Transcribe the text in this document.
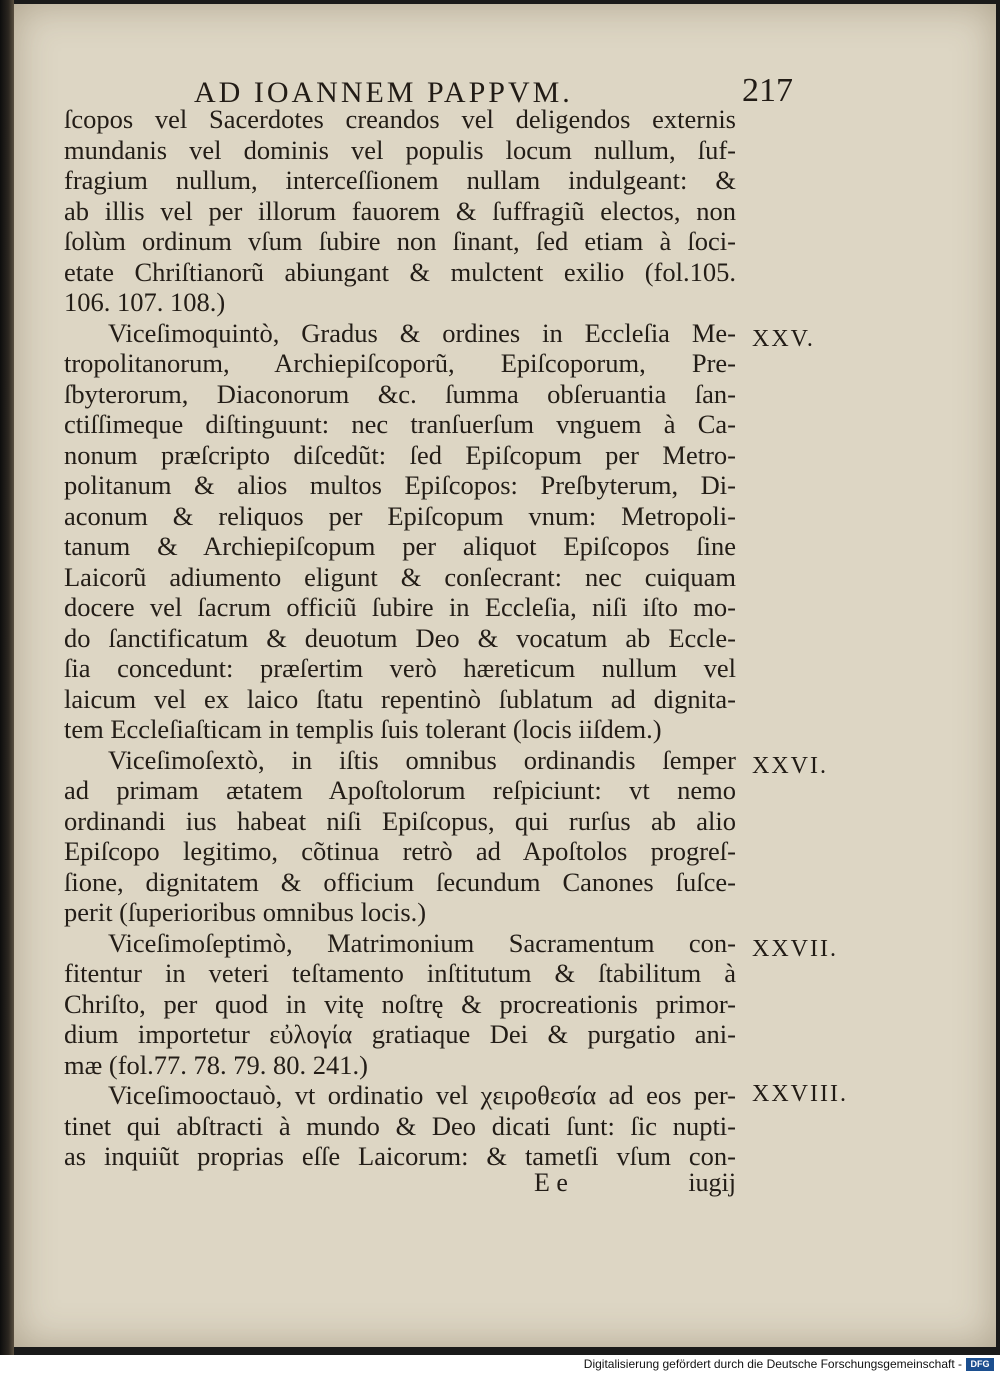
AD IOANNEM PAPPVM.	217
ſcopos vel Sacerdotes creandos vel deligendos externis
mundanis vel dominis vel populis locum nullum, ſuf-
fragium nullum, interceſſionem nullam indulgeant: &
ab illis vel per illorum fauorem & ſuffragiũ electos, non
ſolùm ordinum vſum ſubire non ſinant, ſed etiam à ſoci-
etate Chriſtianorũ abiungant & mulctent exilio (fol.105.
106. 107. 108.)
Viceſimoquintò, Gradus & ordines in Eccleſia Me-
tropolitanorum, Archiepiſcoporũ, Epiſcoporum, Pre-
ſbyterorum, Diaconorum &c. ſumma obſeruantia ſan-
ctiſſimeque diſtinguunt: nec tranſuerſum vnguem à Ca-
nonum præſcripto diſcedũt: ſed Epiſcopum per Metro-
politanum & alios multos Epiſcopos: Preſbyterum, Di-
aconum & reliquos per Epiſcopum vnum: Metropoli-
tanum & Archiepiſcopum per aliquot Epiſcopos ſine
Laicorũ adiumento eligunt & conſecrant: nec cuiquam
docere vel ſacrum officiũ ſubire in Eccleſia, niſi iſto mo-
do ſanctificatum & deuotum Deo & vocatum ab Eccle-
ſia concedunt: præſertim verò hæreticum nullum vel
laicum vel ex laico ſtatu repentinò ſublatum ad dignita-
tem Eccleſiaſticam in templis ſuis tolerant (locis iiſdem.)
Viceſimoſextò, in iſtis omnibus ordinandis ſemper
ad primam ætatem Apoſtolorum reſpiciunt: vt nemo
ordinandi ius habeat niſi Epiſcopus, qui rurſus ab alio
Epiſcopo legitimo, cõtinua retrò ad Apoſtolos progreſ-
ſione, dignitatem & officium ſecundum Canones ſuſce-
perit (ſuperioribus omnibus locis.)
Viceſimoſeptimò, Matrimonium Sacramentum con-
fitentur in veteri teſtamento inſtitutum & ſtabilitum à
Chriſto, per quod in vitę noſtrę & procreationis primor-
dium importetur εὐλογία gratiaque Dei & purgatio ani-
mæ (fol.77. 78. 79. 80. 241.)
Viceſimooctauò, vt ordinatio vel χειροθεσία ad eos per-
tinet qui abſtracti à mundo & Deo dicati ſunt: ſic nupti-
as inquiũt proprias eſſe Laicorum: & tametſi vſum con-
XXV.
XXVI.
XXVII.
XXVIII.
E e	iugij
Digitalisierung gefördert durch die Deutsche Forschungsgemeinschaft - DFG
